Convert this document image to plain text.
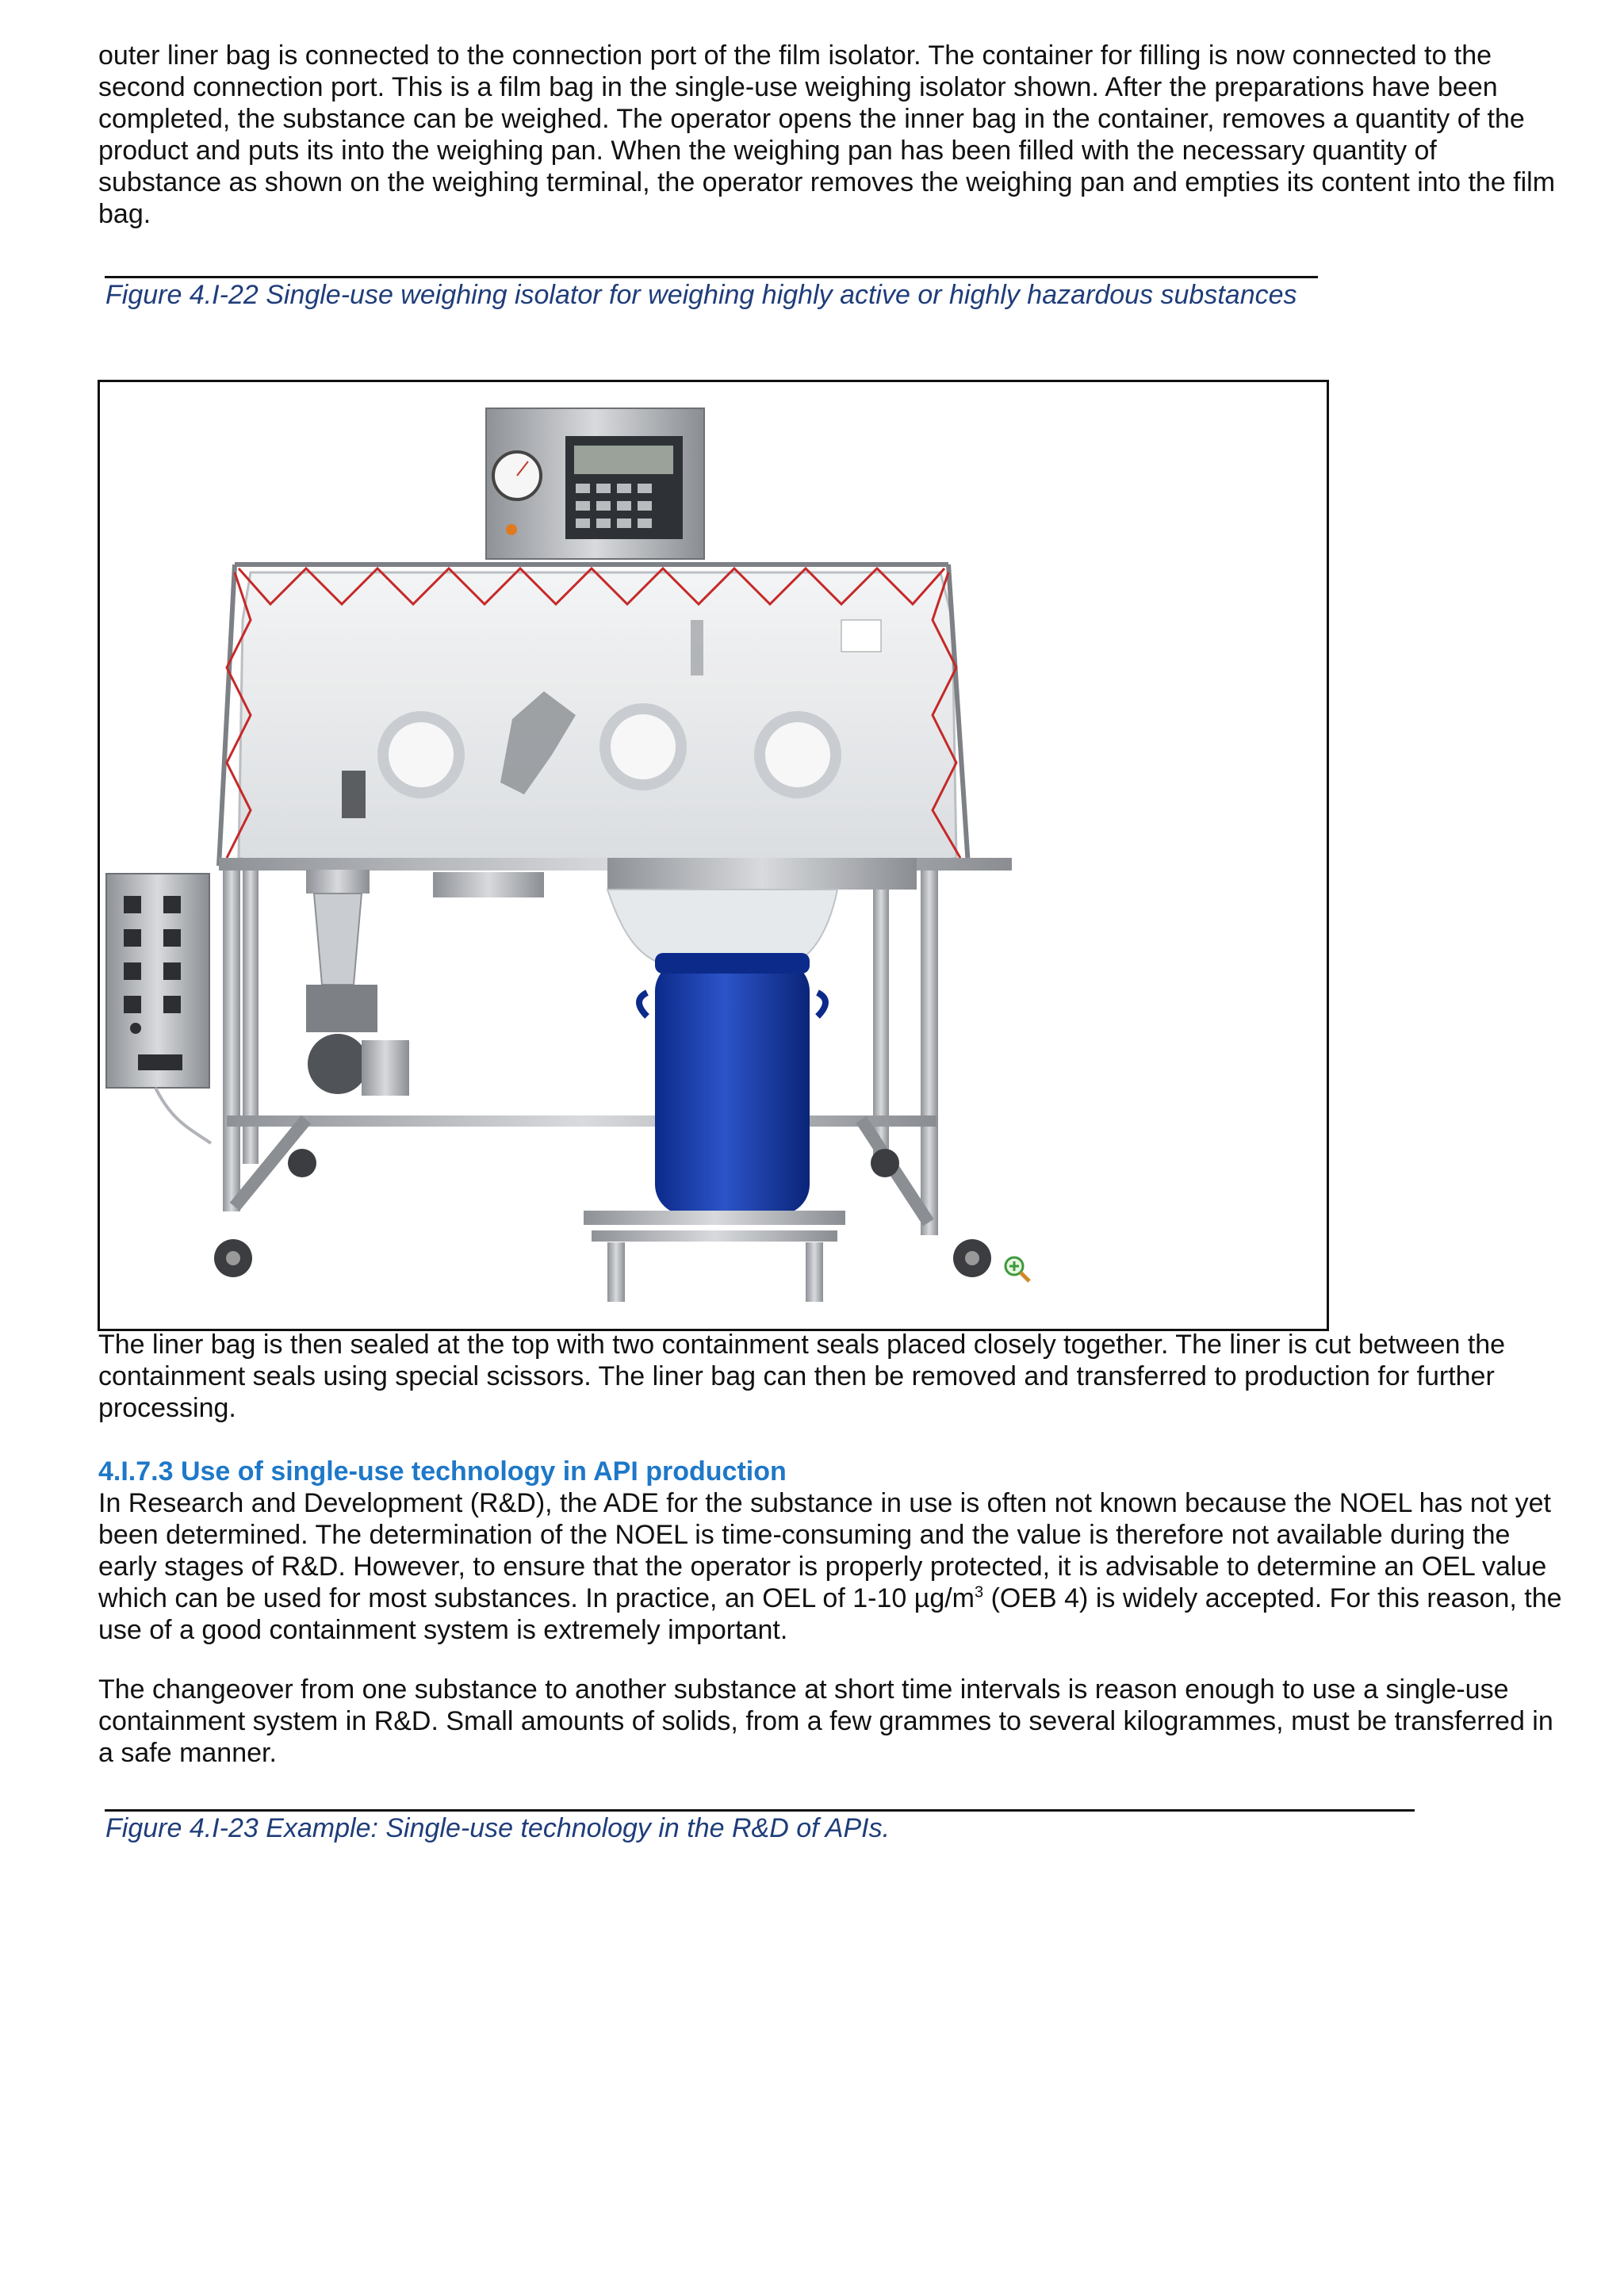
outer liner bag is connected to the connection port of the film isolator. The container for filling is now connected to the second connection port. This is a film bag in the single-use weighing isolator shown. After the preparations have been completed, the substance can be weighed. The operator opens the inner bag in the container, removes a quantity of the product and puts its into the weighing pan. When the weighing pan has been filled with the necessary quantity of substance as shown on the weighing terminal, the operator removes the weighing pan and empties its content into the film bag.

Figure 4.I-22 Single-use weighing isolator for weighing highly active or highly hazardous substances

The liner bag is then sealed at the top with two containment seals placed closely together. The liner is cut between the containment seals using special scissors. The liner bag can then be removed and transferred to production for further processing.

4.I.7.3 Use of single-use technology in API production

In Research and Development (R&D), the ADE for the substance in use is often not known because the NOEL has not yet been determined. The determination of the NOEL is time-consuming and the value is therefore not available during the early stages of R&D. However, to ensure that the operator is properly protected, it is advisable to determine an OEL value which can be used for most substances. In practice, an OEL of 1-10 $\mu g/m^3$ (OEB 4) is widely accepted. For this reason, the use of a good containment system is extremely important.

The changeover from one substance to another substance at short time intervals is reason enough to use a single-use containment system in R&D. Small amounts of solids, from a few grammes to several kilogrammes, must be transferred in a safe manner.

Figure 4.I-23 Example: Single-use technology in the R&D of APIs.
